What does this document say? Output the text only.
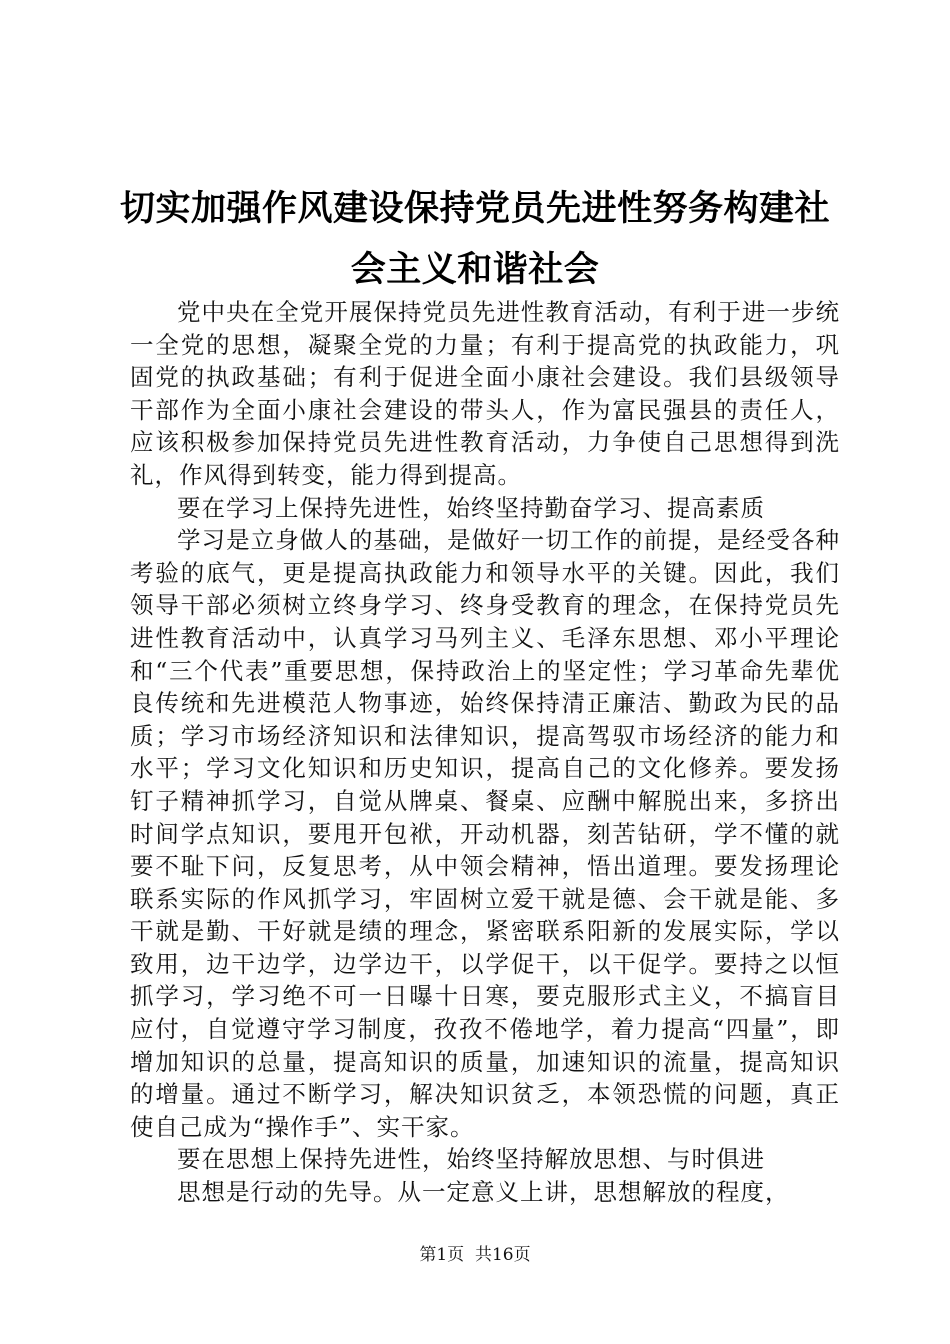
切实加强作风建设保持党员先进性努务构建社
会主义和谐社会

党中央在全党开展保持党员先进性教育活动，有利于进一步统一全党的思想，凝聚全党的力量；有利于提高党的执政能力，巩固党的执政基础；有利于促进全面小康社会建设。我们县级领导干部作为全面小康社会建设的带头人，作为富民强县的责任人，应该积极参加保持党员先进性教育活动，力争使自己思想得到洗礼，作风得到转变，能力得到提高。

要在学习上保持先进性，始终坚持勤奋学习、提高素质

学习是立身做人的基础，是做好一切工作的前提，是经受各种考验的底气，更是提高执政能力和领导水平的关键。因此，我们领导干部必须树立终身学习、终身受教育的理念，在保持党员先进性教育活动中，认真学习马列主义、毛泽东思想、邓小平理论和“三个代表”重要思想，保持政治上的坚定性；学习革命先辈优良传统和先进模范人物事迹，始终保持清正廉洁、勤政为民的品质；学习市场经济知识和法律知识，提高驾驭市场经济的能力和水平；学习文化知识和历史知识，提高自己的文化修养。要发扬钉子精神抓学习，自觉从牌桌、餐桌、应酬中解脱出来，多挤出时间学点知识，要甩开包袱，开动机器，刻苦钻研，学不懂的就要不耻下问，反复思考，从中领会精神，悟出道理。要发扬理论联系实际的作风抓学习，牢固树立爱干就是德、会干就是能、多干就是勤、干好就是绩的理念，紧密联系阳新的发展实际，学以致用，边干边学，边学边干，以学促干，以干促学。要持之以恒抓学习，学习绝不可一日曝十日寒，要克服形式主义，不搞盲目应付，自觉遵守学习制度，孜孜不倦地学，着力提高“四量”，即增加知识的总量，提高知识的质量，加速知识的流量，提高知识的增量。通过不断学习，解决知识贫乏，本领恐慌的问题，真正使自己成为“操作手”、实干家。

要在思想上保持先进性，始终坚持解放思想、与时俱进

思想是行动的先导。从一定意义上讲，思想解放的程度，

第1页  共16页
